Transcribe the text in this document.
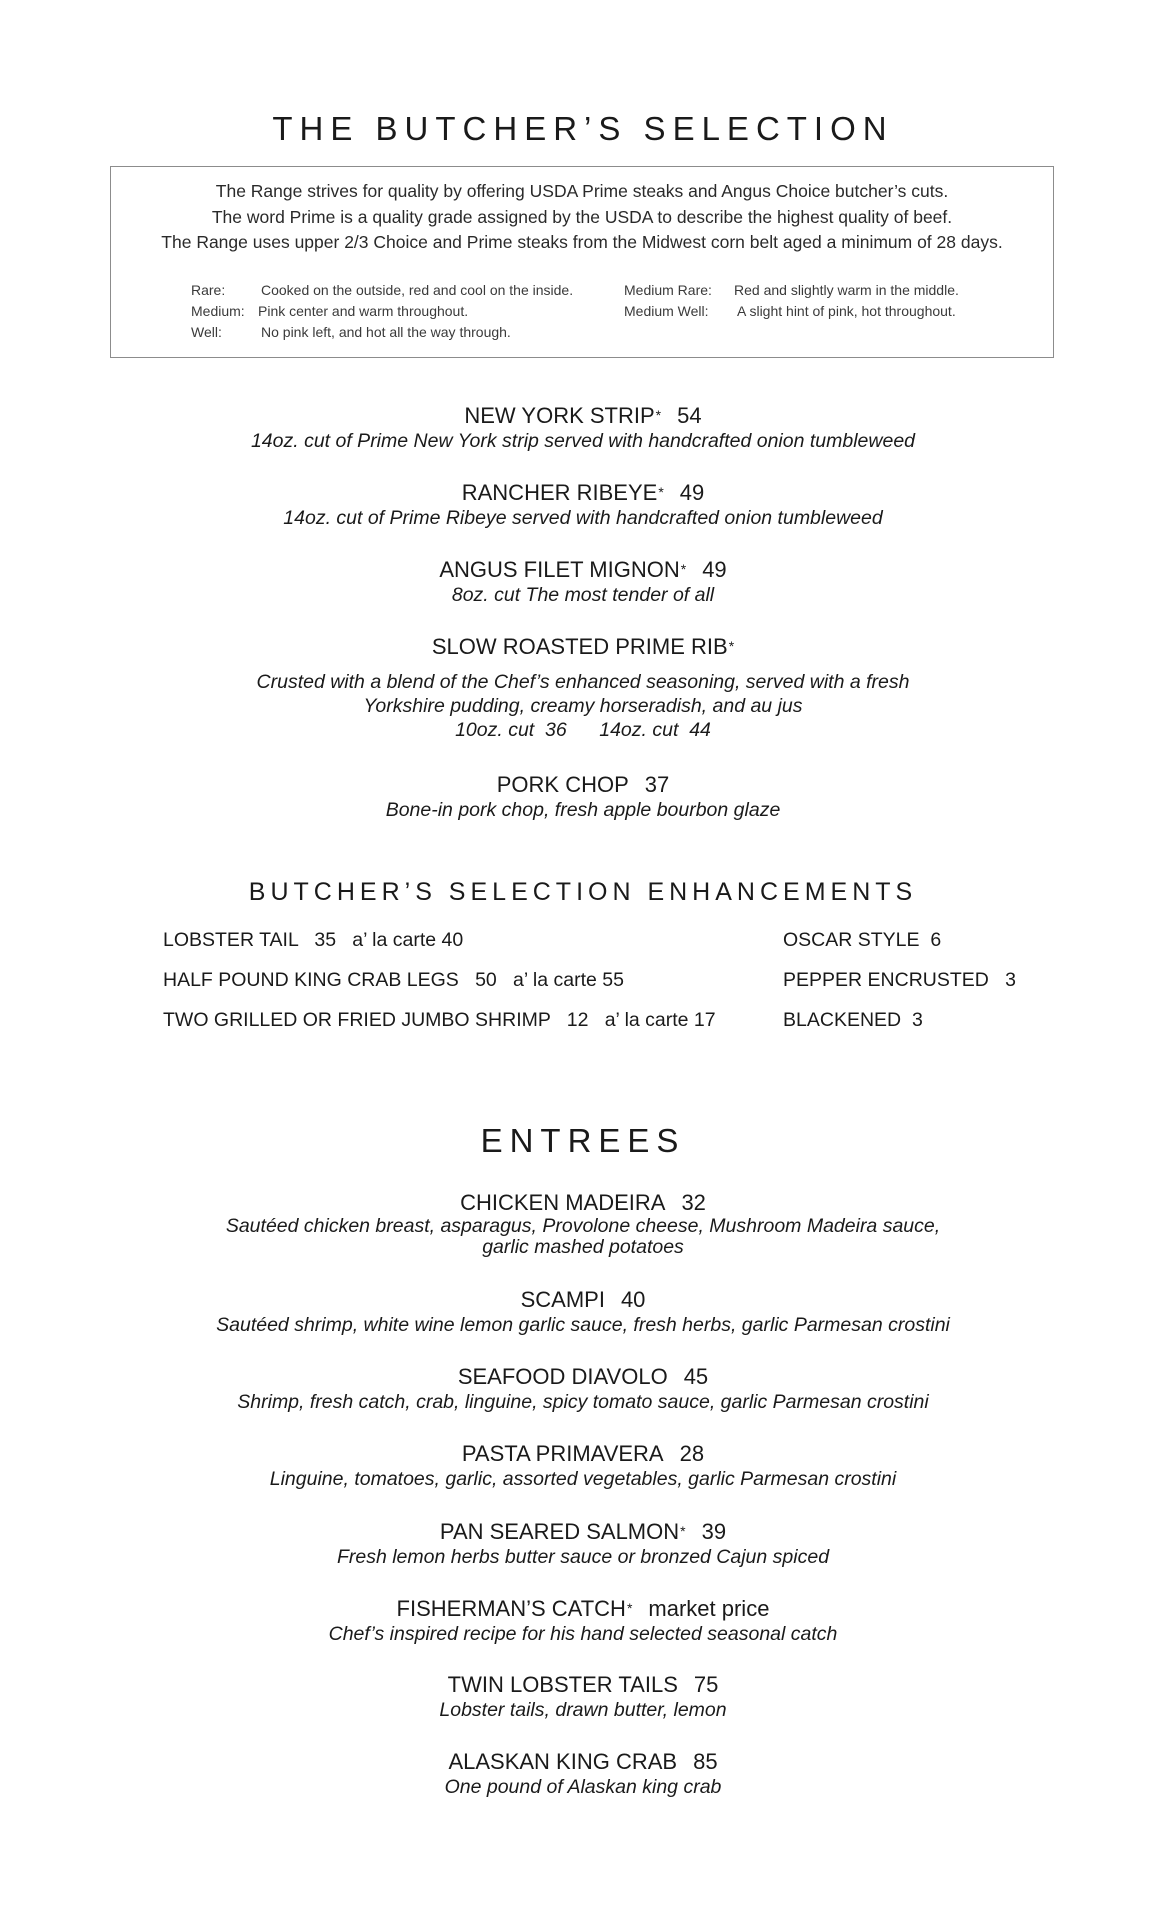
THE BUTCHER’S SELECTION
The Range strives for quality by offering USDA Prime steaks and Angus Choice butcher’s cuts.
The word Prime is a quality grade assigned by the USDA to describe the highest quality of beef.
The Range uses upper 2/3 Choice and Prime steaks from the Midwest corn belt aged a minimum of 28 days.
Rare:	Cooked on the outside, red and cool on the inside.
Medium: Pink center and warm throughout.
Well:	No pink left, and hot all the way through.
Medium Rare: Red and slightly warm in the middle.
Medium Well: A slight hint of pink, hot throughout.
NEW YORK STRIP* 54
14oz. cut of Prime New York strip served with handcrafted onion tumbleweed
RANCHER RIBEYE* 49
14oz. cut of Prime Ribeye served with handcrafted onion tumbleweed
ANGUS FILET MIGNON* 49
8oz. cut The most tender of all
SLOW ROASTED PRIME RIB*
Crusted with a blend of the Chef’s enhanced seasoning, served with a fresh
Yorkshire pudding, creamy horseradish, and au jus
10oz. cut  36      14oz. cut  44
PORK CHOP 37
Bone-in pork chop, fresh apple bourbon glaze
BUTCHER’S SELECTION ENHANCEMENTS
LOBSTER TAIL   35   a’ la carte 40
HALF POUND KING CRAB LEGS   50   a’ la carte 55
TWO GRILLED OR FRIED JUMBO SHRIMP   12   a’ la carte 17
OSCAR STYLE  6
PEPPER ENCRUSTED   3
BLACKENED  3
ENTREES
CHICKEN MADEIRA 32
Sautéed chicken breast, asparagus, Provolone cheese, Mushroom Madeira sauce,
garlic mashed potatoes
SCAMPI 40
Sautéed shrimp, white wine lemon garlic sauce, fresh herbs, garlic Parmesan crostini
SEAFOOD DIAVOLO 45
Shrimp, fresh catch, crab, linguine, spicy tomato sauce, garlic Parmesan crostini
PASTA PRIMAVERA 28
Linguine, tomatoes, garlic, assorted vegetables, garlic Parmesan crostini
PAN SEARED SALMON* 39
Fresh lemon herbs butter sauce or bronzed Cajun spiced
FISHERMAN’S CATCH* market price
Chef’s inspired recipe for his hand selected seasonal catch
TWIN LOBSTER TAILS 75
Lobster tails, drawn butter, lemon
ALASKAN KING CRAB 85
One pound of Alaskan king crab
